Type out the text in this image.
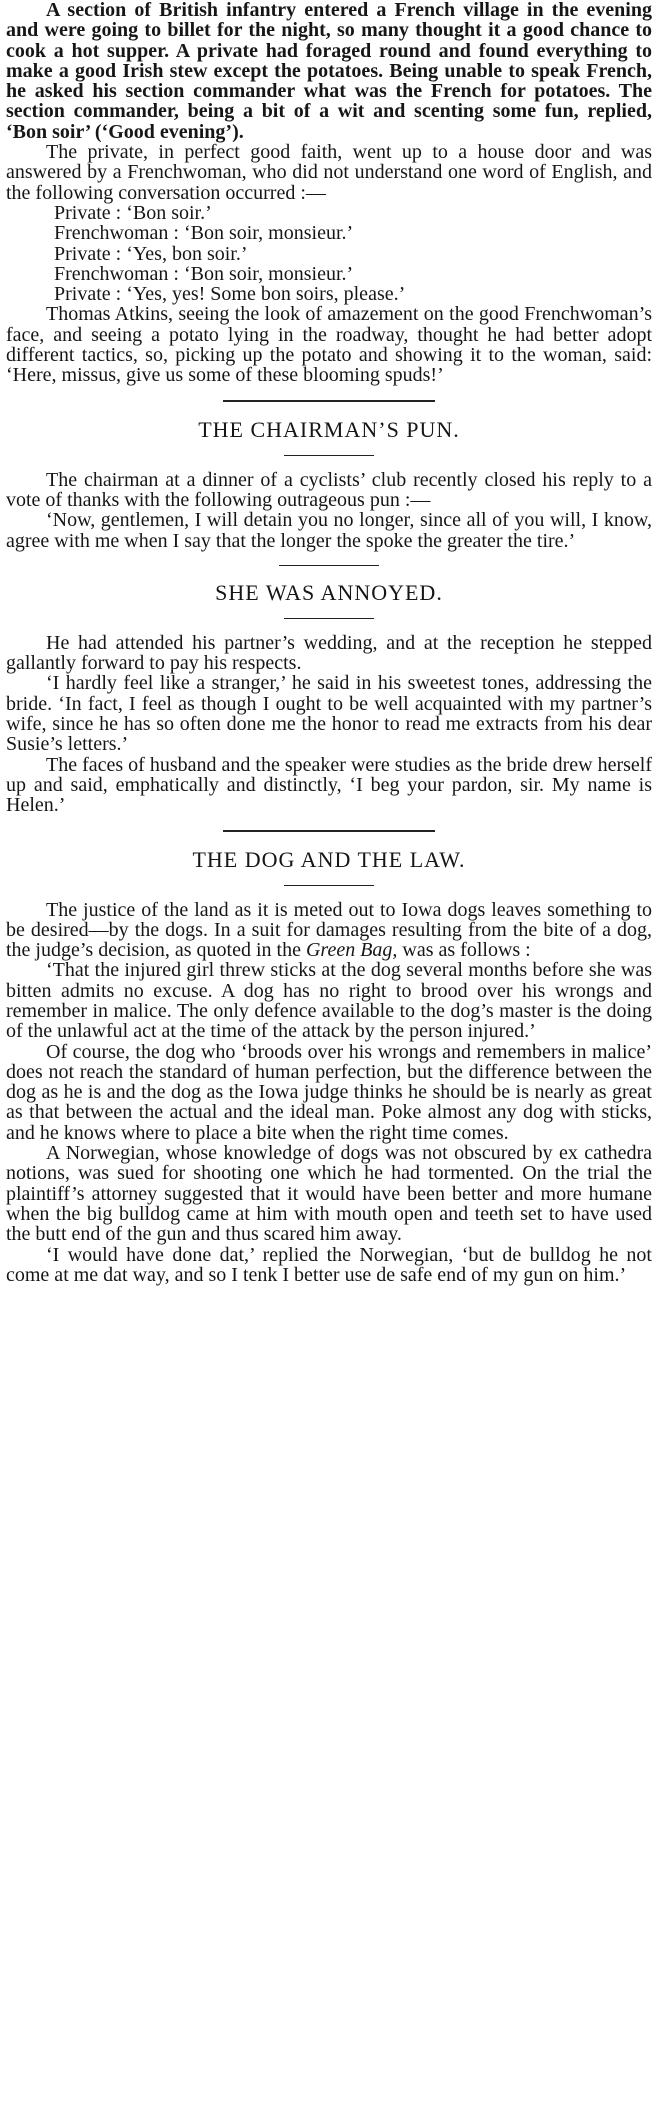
A section of British infantry entered a French village in the evening and were going to billet for the night, so many thought it a good chance to cook a hot supper. A private had foraged round and found everything to make a good Irish stew except the potatoes. Being unable to speak French, he asked his section commander what was the French for potatoes. The section commander, being a bit of a wit and scenting some fun, replied, ‘Bon soir’ (‘Good evening’).

The private, in perfect good faith, went up to a house door and was answered by a Frenchwoman, who did not understand one word of English, and the following conversation occurred :—

Private : ‘Bon soir.’

Frenchwoman : ‘Bon soir, monsieur.’

Private : ‘Yes, bon soir.’

Frenchwoman : ‘Bon soir, monsieur.’

Private : ‘Yes, yes! Some bon soirs, please.’

Thomas Atkins, seeing the look of amazement on the good Frenchwoman’s face, and seeing a potato lying in the roadway, thought he had better adopt different tactics, so, picking up the potato and showing it to the woman, said: ‘Here, missus, give us some of these blooming spuds!’

THE CHAIRMAN’S PUN.

The chairman at a dinner of a cyclists’ club recently closed his reply to a vote of thanks with the following outrageous pun :—

‘Now, gentlemen, I will detain you no longer, since all of you will, I know, agree with me when I say that the longer the spoke the greater the tire.’

SHE WAS ANNOYED.

He had attended his partner’s wedding, and at the reception he stepped gallantly forward to pay his respects.

‘I hardly feel like a stranger,’ he said in his sweetest tones, addressing the bride. ‘In fact, I feel as though I ought to be well acquainted with my partner’s wife, since he has so often done me the honor to read me extracts from his dear Susie’s letters.’

The faces of husband and the speaker were studies as the bride drew herself up and said, emphatically and distinctly, ‘I beg your pardon, sir. My name is Helen.’

THE DOG AND THE LAW.

The justice of the land as it is meted out to Iowa dogs leaves something to be desired—by the dogs. In a suit for damages resulting from the bite of a dog, the judge’s decision, as quoted in the Green Bag, was as follows :

‘That the injured girl threw sticks at the dog several months before she was bitten admits no excuse. A dog has no right to brood over his wrongs and remember in malice. The only defence available to the dog’s master is the doing of the unlawful act at the time of the attack by the person injured.’

Of course, the dog who ‘broods over his wrongs and remembers in malice’ does not reach the standard of human perfection, but the difference between the dog as he is and the dog as the Iowa judge thinks he should be is nearly as great as that between the actual and the ideal man. Poke almost any dog with sticks, and he knows where to place a bite when the right time comes.

A Norwegian, whose knowledge of dogs was not obscured by ex cathedra notions, was sued for shooting one which he had tormented. On the trial the plaintiff’s attorney suggested that it would have been better and more humane when the big bulldog came at him with mouth open and teeth set to have used the butt end of the gun and thus scared him away.

‘I would have done dat,’ replied the Norwegian, ‘but de bulldog he not come at me dat way, and so I tenk I better use de safe end of my gun on him.’
